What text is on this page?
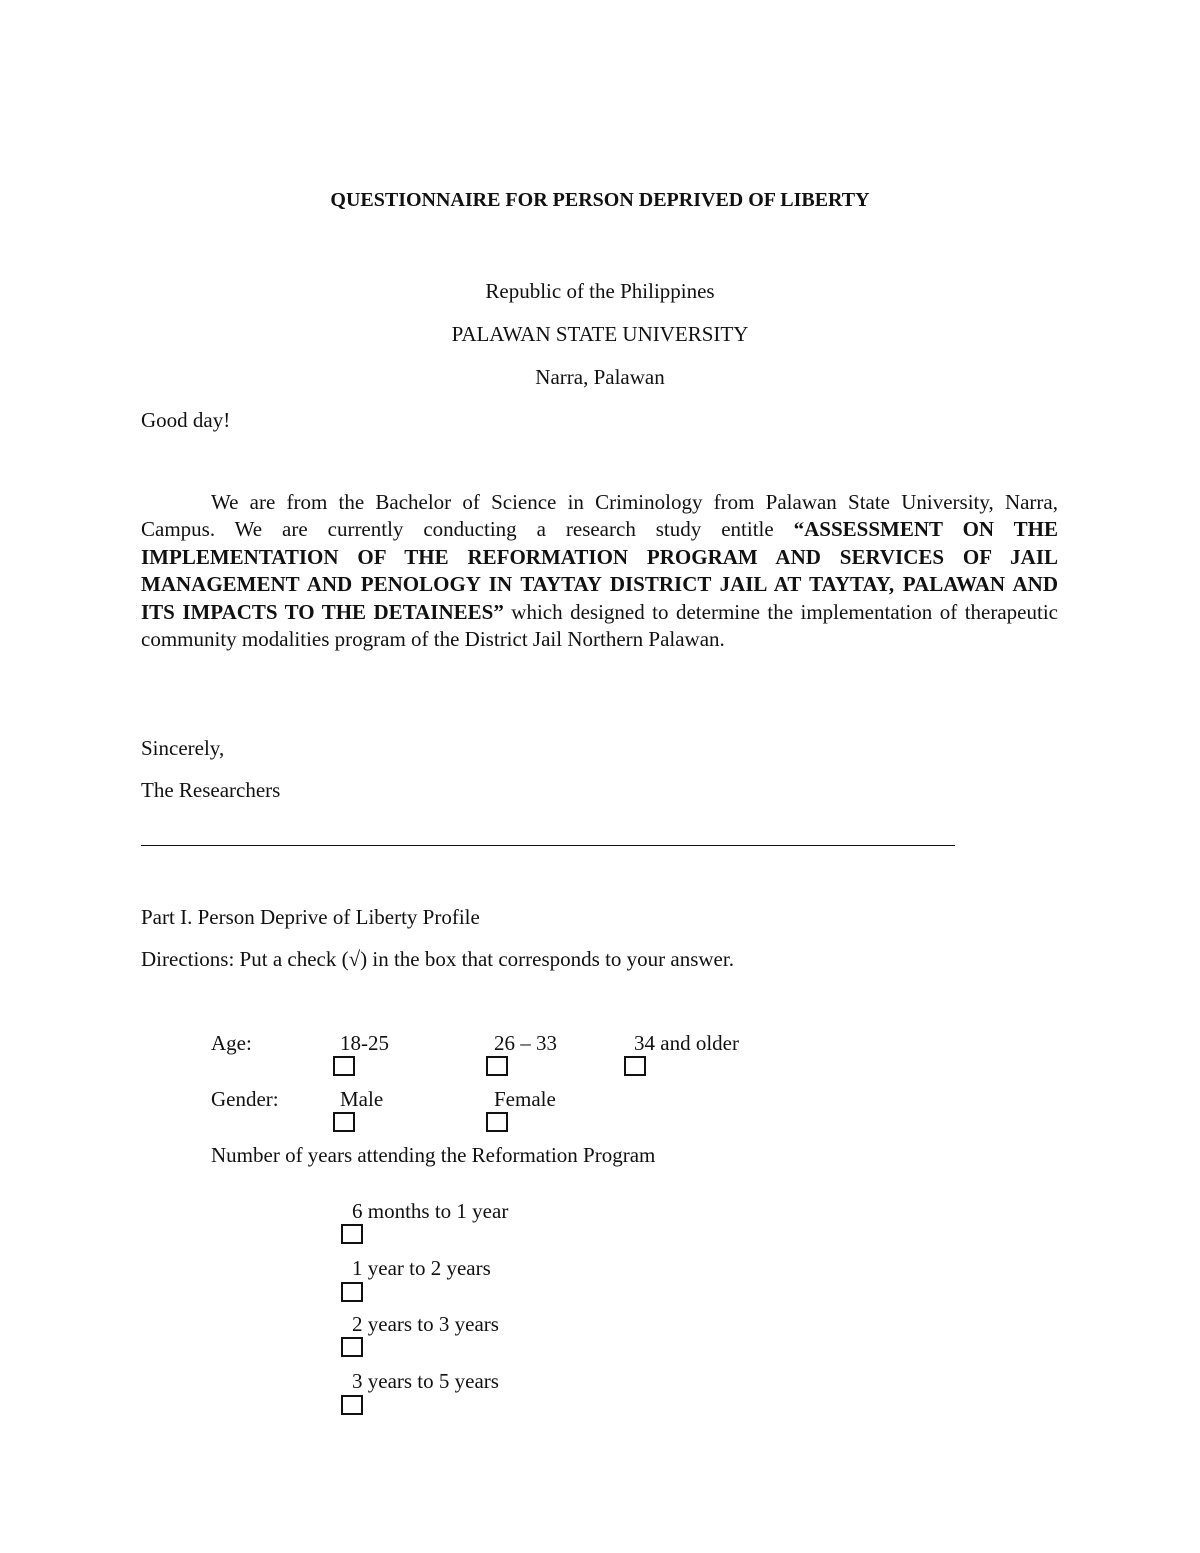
QUESTIONNAIRE FOR PERSON DEPRIVED OF LIBERTY
Republic of the Philippines
PALAWAN STATE UNIVERSITY
Narra, Palawan
Good day!
We are from the Bachelor of Science in Criminology from Palawan State University, Narra, Campus. We are currently conducting a research study entitle “ASSESSMENT ON THE IMPLEMENTATION OF THE REFORMATION PROGRAM AND SERVICES OF JAIL MANAGEMENT AND PENOLOGY IN TAYTAY DISTRICT JAIL AT TAYTAY, PALAWAN AND ITS IMPACTS TO THE DETAINEES” which designed to determine the implementation of therapeutic community modalities program of the District Jail Northern Palawan.
Sincerely,
The Researchers
Part I. Person Deprive of Liberty Profile
Directions: Put a check (√) in the box that corresponds to your answer.
Age:	18-25	26 – 33	34 and older
Gender:	Male	Female
Number of years attending the Reformation Program
6 months to 1 year
1 year to 2 years
2 years to 3 years
3 years to 5 years
